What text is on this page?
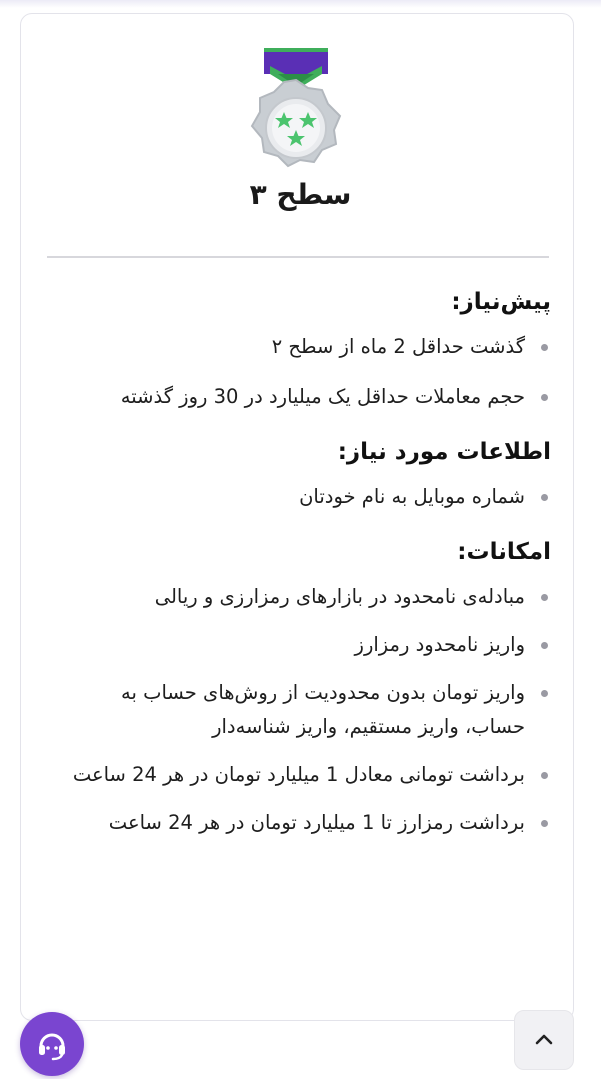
سطح ۳
پیش‌نیاز:
گذشت حداقل 2 ماه از سطح ۲
حجم معاملات حداقل یک میلیارد در 30 روز گذشته
اطلاعات مورد نیاز:
شماره موبایل به نام خودتان
امکانات:
مبادله‌ی نامحدود در بازارهای رمزارزی و ریالی
واریز نامحدود رمزارز
واریز تومان بدون محدودیت از روش‌های حساب به حساب، واریز مستقیم، واریز شناسه‌دار
برداشت تومانی معادل 1 میلیارد تومان در هر 24 ساعت
برداشت رمزارز تا 1 میلیارد تومان در هر 24 ساعت
